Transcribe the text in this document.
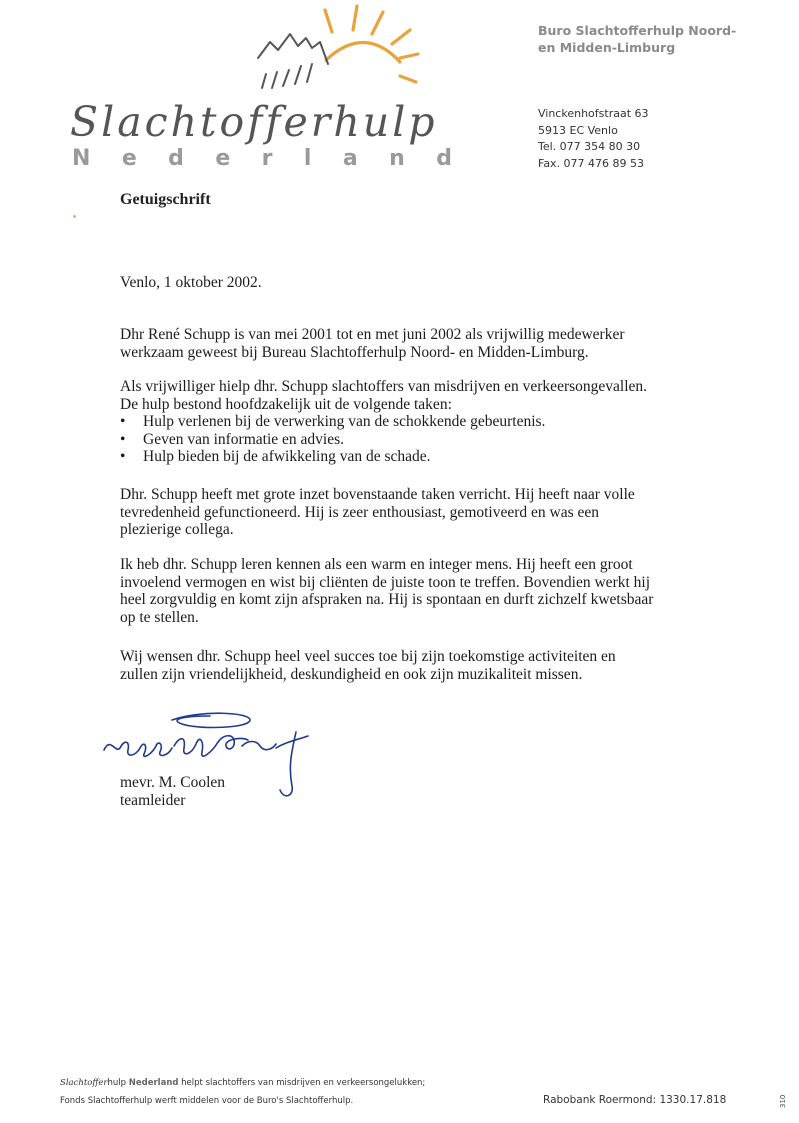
Slachtofferhulp
N e d e r l a n d
Buro Slachtofferhulp Noord-
en Midden-Limburg
Vinckenhofstraat 63
5913 EC Venlo
Tel. 077 354 80 30
Fax. 077 476 89 53
Getuigschrift
Venlo, 1 oktober 2002.
Dhr René Schupp is van mei 2001 tot en met juni 2002 als vrijwillig medewerker
werkzaam geweest bij Bureau Slachtofferhulp Noord- en Midden-Limburg.
Als vrijwilliger hielp dhr. Schupp slachtoffers van misdrijven en verkeersongevallen.
De hulp bestond hoofdzakelijk uit de volgende taken:
• Hulp verlenen bij de verwerking van de schokkende gebeurtenis.
• Geven van informatie en advies.
• Hulp bieden bij de afwikkeling van de schade.
Dhr. Schupp heeft met grote inzet bovenstaande taken verricht. Hij heeft naar volle
tevredenheid gefunctioneerd. Hij is zeer enthousiast, gemotiveerd en was een
plezierige collega.
Ik heb dhr. Schupp leren kennen als een warm en integer mens. Hij heeft een groot
invoelend vermogen en wist bij cliënten de juiste toon te treffen. Bovendien werkt hij
heel zorgvuldig en komt zijn afspraken na. Hij is spontaan en durft zichzelf kwetsbaar
op te stellen.
Wij wensen dhr. Schupp heel veel succes toe bij zijn toekomstige activiteiten en
zullen zijn vriendelijkheid, deskundigheid en ook zijn muzikaliteit missen.
mevr. M. Coolen
teamleider
Slachtofferhulp Nederland helpt slachtoffers van misdrijven en verkeersongelukken;
Fonds Slachtofferhulp werft middelen voor de Buro's Slachtofferhulp.	Rabobank Roermond: 1330.17.818	310
